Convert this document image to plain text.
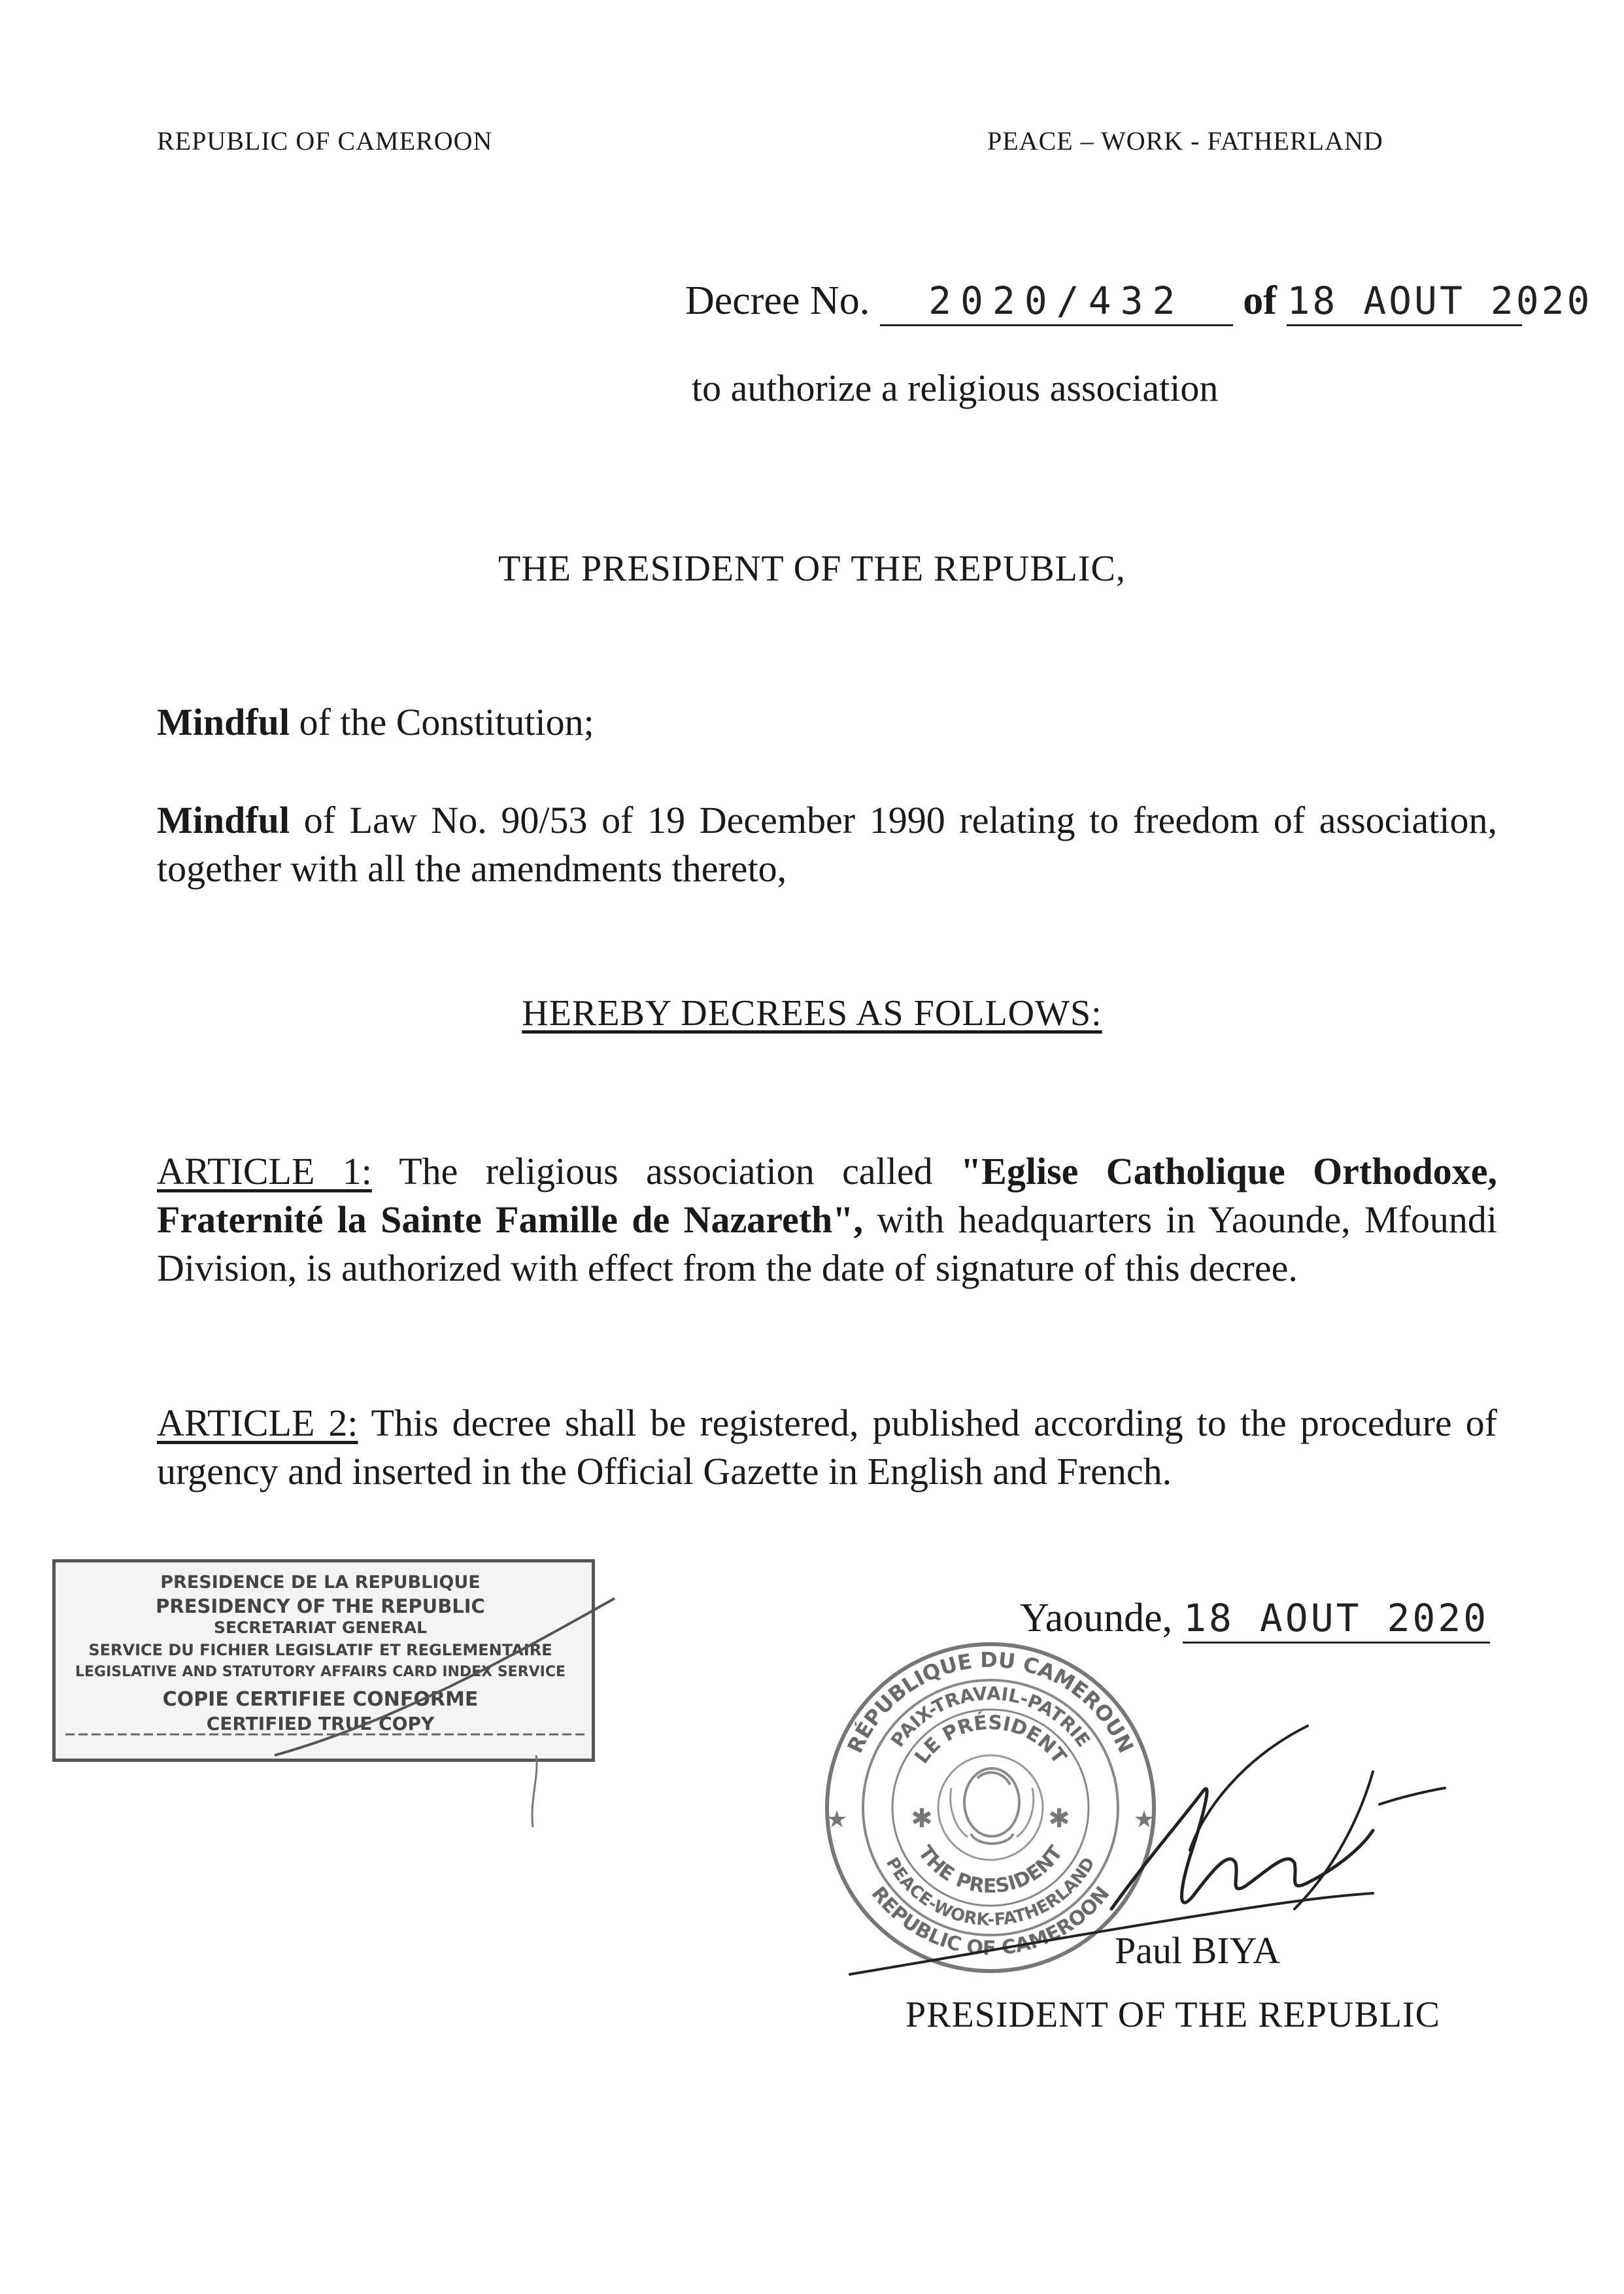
REPUBLIC OF CAMEROON	PEACE – WORK - FATHERLAND
Decree No. 2020/432 of 18 AOUT 2020
to authorize a religious association
THE PRESIDENT OF THE REPUBLIC,
Mindful of the Constitution;
Mindful of Law No. 90/53 of 19 December 1990 relating to freedom of association, together with all the amendments thereto,
HEREBY DECREES AS FOLLOWS:
ARTICLE 1: The religious association called "Eglise Catholique Orthodoxe, Fraternité la Sainte Famille de Nazareth", with headquarters in Yaounde, Mfoundi Division, is authorized with effect from the date of signature of this decree.
ARTICLE 2: This decree shall be registered, published according to the procedure of urgency and inserted in the Official Gazette in English and French.
PRESIDENCE DE LA REPUBLIQUE
PRESIDENCY OF THE REPUBLIC
SECRETARIAT GENERAL
SERVICE DU FICHIER LEGISLATIF ET REGLEMENTAIRE
LEGISLATIVE AND STATUTORY AFFAIRS CARD INDEX SERVICE
COPIE CERTIFIEE CONFORME
CERTIFIED TRUE COPY
Yaounde, 18 AOUT 2020
RÉPUBLIQUE DU CAMEROUN
PAIX-TRAVAIL-PATRIE
LE PRÉSIDENT
THE PRESIDENT
PEACE-WORK-FATHERLAND
REPUBLIC OF CAMEROON
✱	✱
★	★
Paul BIYA
PRESIDENT OF THE REPUBLIC
